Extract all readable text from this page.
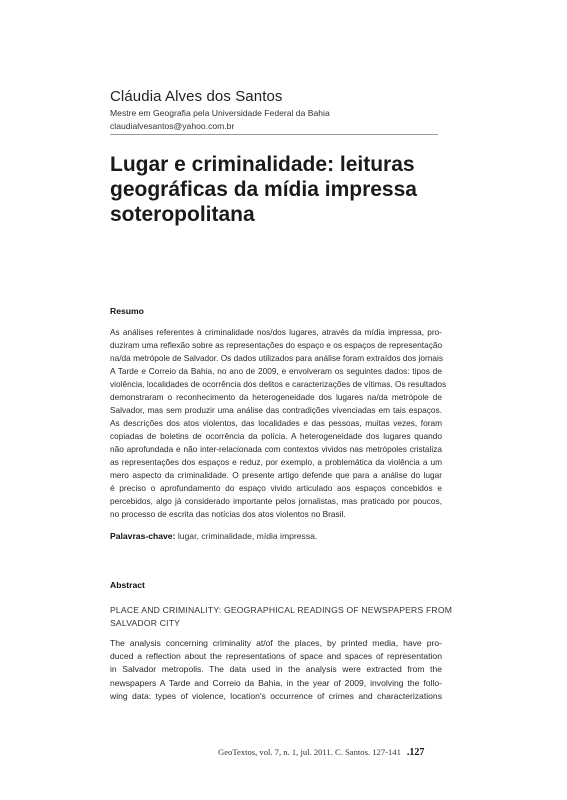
Cláudia Alves dos Santos
Mestre em Geografia pela Universidade Federal da Bahia
claudialvesantos@yahoo.com.br
Lugar e criminalidade: leituras
geográficas da mídia impressa
soteropolitana
Resumo
As análises referentes à criminalidade nos/dos lugares, através da mídia impressa, pro-
duziram uma reflexão sobre as representações do espaço e os espaços de representação
na/da metrópole de Salvador. Os dados utilizados para análise foram extraídos dos jornais
A Tarde e Correio da Bahia, no ano de 2009, e envolveram os seguintes dados: tipos de
violência, localidades de ocorrência dos delitos e caracterizações de vítimas. Os resultados
demonstraram o reconhecimento da heterogeneidade dos lugares na/da metrópole de
Salvador, mas sem produzir uma análise das contradições vivenciadas em tais espaços.
As descrições dos atos violentos, das localidades e das pessoas, muitas vezes, foram
copiadas de boletins de ocorrência da polícia. A heterogeneidade dos lugares quando
não aprofundada e não inter-relacionada com contextos vividos nas metrópoles cristaliza
as representações dos espaços e reduz, por exemplo, a problemática da violência a um
mero aspecto da criminalidade. O presente artigo defende que para a análise do lugar
é preciso o aprofundamento do espaço vivido articulado aos espaços concebidos e
percebidos, algo já considerado importante pelos jornalistas, mas praticado por poucos,
no processo de escrita das notícias dos atos violentos no Brasil.
Palavras-chave: lugar, criminalidade, mídia impressa.
Abstract
PLACE AND CRIMINALITY: GEOGRAPHICAL READINGS OF NEWSPAPERS FROM
SALVADOR CITY
The analysis concerning criminality at/of the places, by printed media, have pro-
duced a reflection about the representations of space and spaces of representation
in Salvador metropolis. The data used in the analysis were extracted from the
newspapers A Tarde and Correio da Bahia, in the year of 2009, involving the follo-
wing data: types of violence, location's occurrence of crimes and characterizations
GeoTextos, vol. 7, n. 1, jul. 2011. C. Santos. 127-141 .127
